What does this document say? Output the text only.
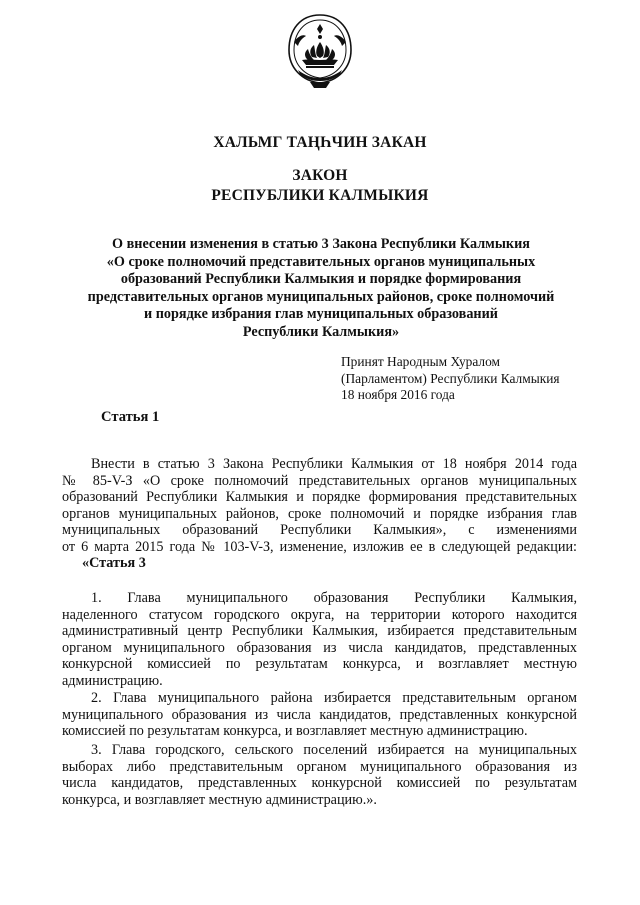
ХАЛЬМГ ТАҢҺЧИН ЗАКАН
ЗАКОН
РЕСПУБЛИКИ КАЛМЫКИЯ
О внесении изменения в статью 3 Закона Республики Калмыкия
«О сроке полномочий представительных органов муниципальных
образований Республики Калмыкия и порядке формирования
представительных органов муниципальных районов, сроке полномочий
и порядке избрания глав муниципальных образований
Республики Калмыкия»
Принят Народным Хуралом
(Парламентом) Республики Калмыкия
18 ноября 2016 года
Статья 1
Внести в статью 3 Закона Республики Калмыкия от 18 ноября 2014 года
№ 85-V-З «О сроке полномочий представительных органов муниципальных
образований Республики Калмыкия и порядке формирования представительных
органов муниципальных районов, сроке полномочий и порядке избрания глав
муниципальных образований Республики Калмыкия», с изменениями
от 6 марта 2015 года № 103-V-З, изменение, изложив ее в следующей редакции:
«Статья 3
1. Глава муниципального образования Республики Калмыкия,
наделенного статусом городского округа, на территории которого находится
административный центр Республики Калмыкия, избирается представительным
органом муниципального образования из числа кандидатов, представленных
конкурсной комиссией по результатам конкурса, и возглавляет местную
администрацию.
2. Глава муниципального района избирается представительным органом
муниципального образования из числа кандидатов, представленных конкурсной
комиссией по результатам конкурса, и возглавляет местную администрацию.
3. Глава городского, сельского поселений избирается на муниципальных
выборах либо представительным органом муниципального образования из
числа кандидатов, представленных конкурсной комиссией по результатам
конкурса, и возглавляет местную администрацию.».
